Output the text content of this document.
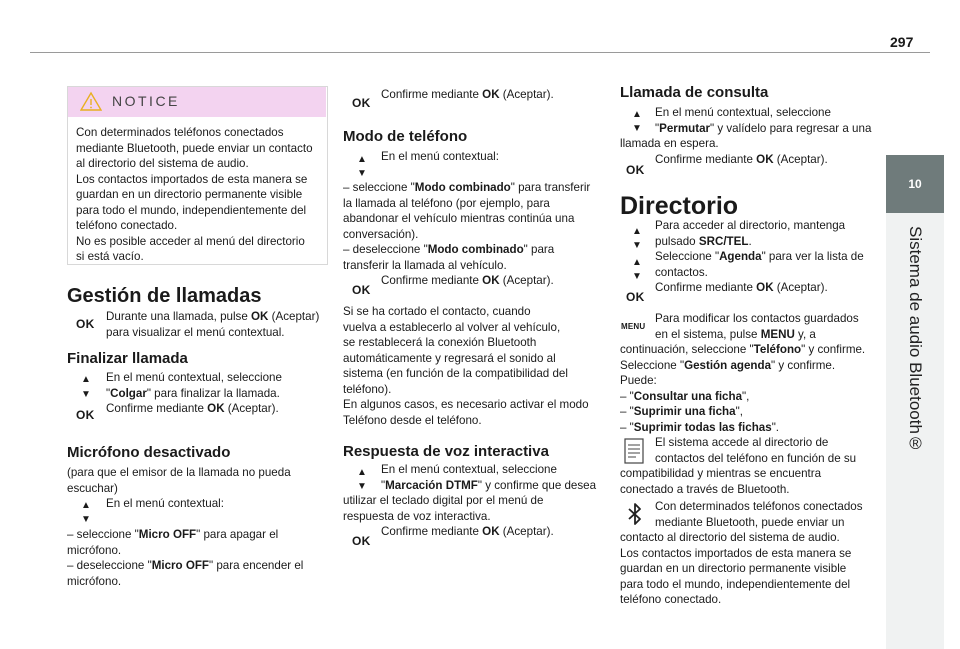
297
10
Sistema de audio Bluetooth®
NOTICE

Con determinados teléfonos conectados

mediante Bluetooth, puede enviar un contacto

al directorio del sistema de audio.

Los contactos importados de esta manera se

guardan en un directorio permanente visible

para todo el mundo, independientemente del

teléfono conectado.

No es posible acceder al menú del directorio

si está vacío.

Gestión de llamadas
OK

Durante una llamada, pulse OK (Aceptar)

para visualizar el menú contextual.

Finalizar llamada
▲
▼
OK

En el menú contextual, seleccione

"Colgar" para finalizar la llamada.

Confirme mediante OK (Aceptar).

Micrófono desactivado

(para que el emisor de la llamada no pueda

escuchar)

▲
▼

En el menú contextual:

– seleccione "Micro OFF" para apagar el

micrófono.

– deseleccione "Micro OFF" para encender el

micrófono.

OK

Confirme mediante OK (Aceptar).

Modo de teléfono
▲
▼

En el menú contextual:

– seleccione "Modo combinado" para transferir

la llamada al teléfono (por ejemplo, para

abandonar el vehículo mientras continúa una

conversación).

– deseleccione "Modo combinado" para

transferir la llamada al vehículo.

OK

Confirme mediante OK (Aceptar).

Si se ha cortado el contacto, cuando

vuelva a establecerlo al volver al vehículo,

se restablecerá la conexión Bluetooth

automáticamente y regresará el sonido al

sistema (en función de la compatibilidad del

teléfono).

En algunos casos, es necesario activar el modo

Teléfono desde el teléfono.

Respuesta de voz interactiva
▲
▼

En el menú contextual, seleccione

"Marcación DTMF" y confirme que desea

utilizar el teclado digital por el menú de

respuesta de voz interactiva.

OK

Confirme mediante OK (Aceptar).

Llamada de consulta
▲
▼

En el menú contextual, seleccione

"Permutar" y valídelo para regresar a una

llamada en espera.

OK

Confirme mediante OK (Aceptar).

Directorio
▲
▼
▲
▼
OK

Para acceder al directorio, mantenga

pulsado SRC/TEL.

Seleccione "Agenda" para ver la lista de

contactos.

Confirme mediante OK (Aceptar).

MENU

Para modificar los contactos guardados

en el sistema, pulse MENU y, a

continuación, seleccione "Teléfono" y confirme.

Seleccione "Gestión agenda" y confirme.

Puede:

– "Consultar una ficha",

– "Suprimir una ficha",

– "Suprimir todas las fichas".

El sistema accede al directorio de

contactos del teléfono en función de su

compatibilidad y mientras se encuentra

conectado a través de Bluetooth.

Con determinados teléfonos conectados

mediante Bluetooth, puede enviar un

contacto al directorio del sistema de audio.

Los contactos importados de esta manera se

guardan en un directorio permanente visible

para todo el mundo, independientemente del

teléfono conectado.
